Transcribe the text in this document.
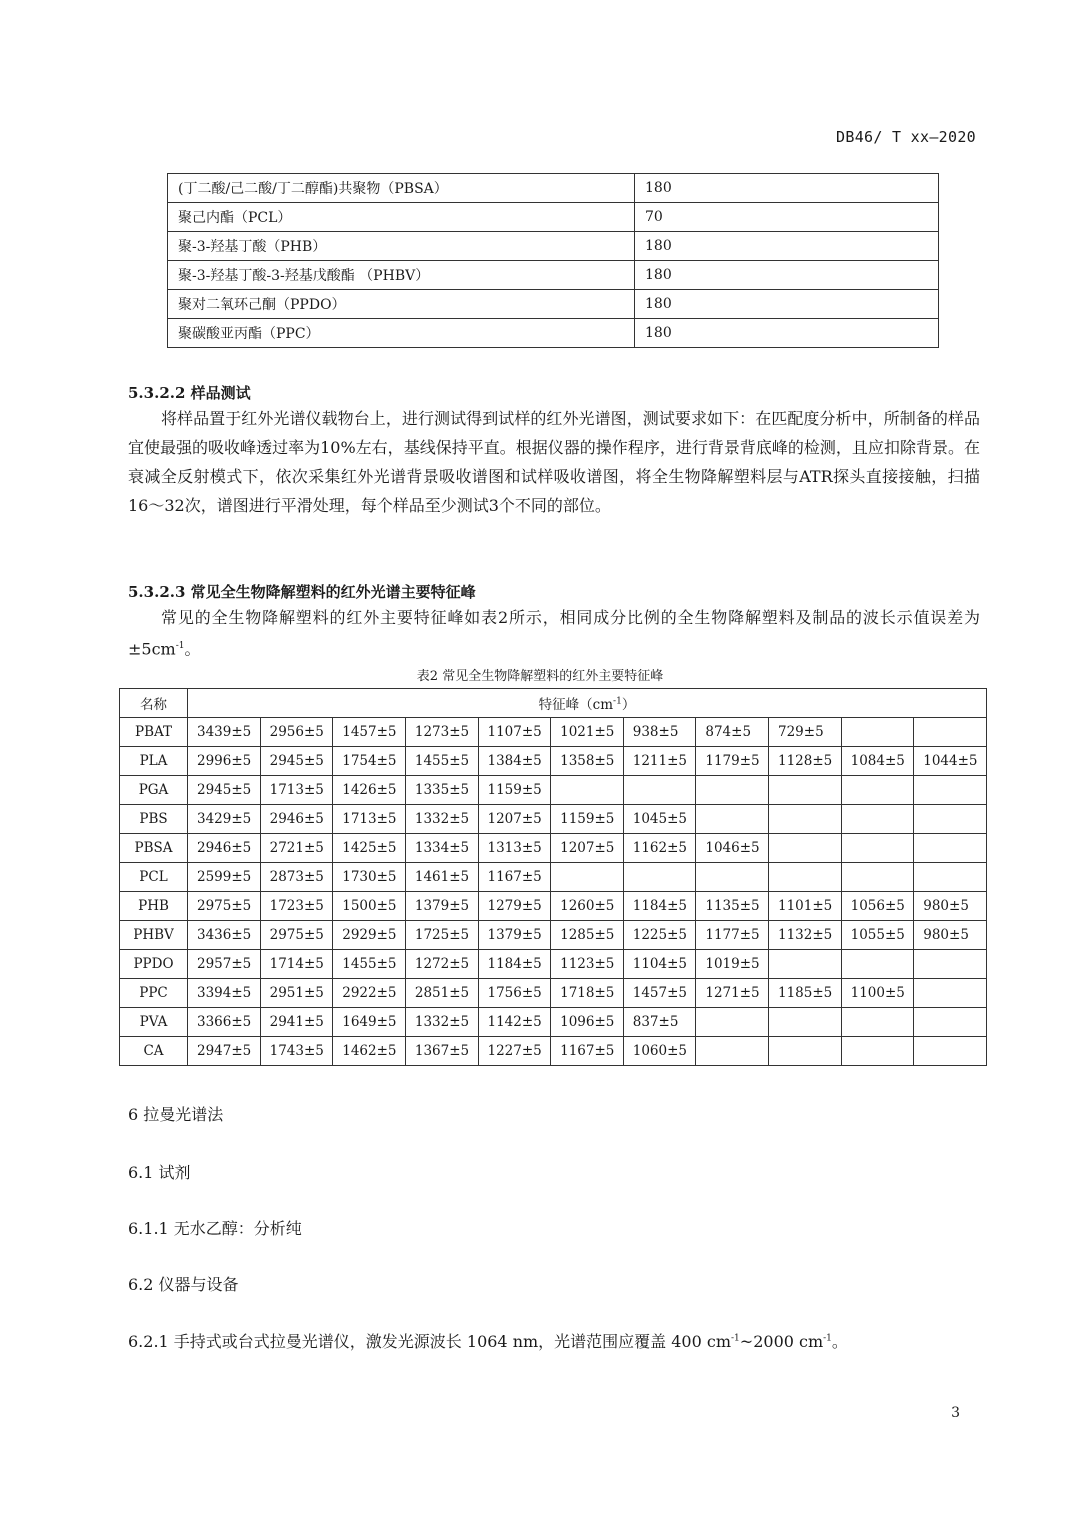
DB46/ T xx—2020
(丁二酸/己二酸/丁二醇酯)共聚物（PBSA）	180
聚己内酯（PCL）	70
聚-3-羟基丁酸（PHB）	180
聚-3-羟基丁酸-3-羟基戊酸酯 （PHBV）	180
聚对二氧环己酮（PPDO）	180
聚碳酸亚丙酯（PPC）	180
5.3.2.2 样品测试
将样品置于红外光谱仪载物台上，进行测试得到试样的红外光谱图，测试要求如下：在匹配度分析中，所制备的样品宜使最强的吸收峰透过率为10%左右，基线保持平直。根据仪器的操作程序，进行背景背底峰的检测，且应扣除背景。在衰减全反射模式下，依次采集红外光谱背景吸收谱图和试样吸收谱图，将全生物降解塑料层与ATR探头直接接触，扫描16～32次，谱图进行平滑处理，每个样品至少测试3个不同的部位。
5.3.2.3 常见全生物降解塑料的红外光谱主要特征峰
常见的全生物降解塑料的红外主要特征峰如表2所示，相同成分比例的全生物降解塑料及制品的波长示值误差为$\pm 5cm^{-1}$。
表2 常见全生物降解塑料的红外主要特征峰
名称	特征峰$(cm^{-1})$										
PBAT	3439±5	2956±5	1457±5	1273±5	1107±5	1021±5	938±5	874±5	729±5		
PLA	2996±5	2945±5	1754±5	1455±5	1384±5	1358±5	1211±5	1179±5	1128±5	1084±5	1044±5
PGA	2945±5	1713±5	1426±5	1335±5	1159±5						
PBS	3429±5	2946±5	1713±5	1332±5	1207±5	1159±5	1045±5				
PBSA	2946±5	2721±5	1425±5	1334±5	1313±5	1207±5	1162±5	1046±5			
PCL	2599±5	2873±5	1730±5	1461±5	1167±5						
PHB	2975±5	1723±5	1500±5	1379±5	1279±5	1260±5	1184±5	1135±5	1101±5	1056±5	980±5
PHBV	3436±5	2975±5	2929±5	1725±5	1379±5	1285±5	1225±5	1177±5	1132±5	1055±5	980±5
PPDO	2957±5	1714±5	1455±5	1272±5	1184±5	1123±5	1104±5	1019±5			
PPC	3394±5	2951±5	2922±5	2851±5	1756±5	1718±5	1457±5	1271±5	1185±5	1100±5	
PVA	3366±5	2941±5	1649±5	1332±5	1142±5	1096±5	837±5				
CA	2947±5	1743±5	1462±5	1367±5	1227±5	1167±5	1060±5				
6 拉曼光谱法
6.1 试剂
6.1.1 无水乙醇：分析纯
6.2 仪器与设备
6.2.1 手持式或台式拉曼光谱仪，激发光源波长 1064 nm，光谱范围应覆盖 400 $cm^{-1}\sim 2000$ $cm^{-1}$。
3
